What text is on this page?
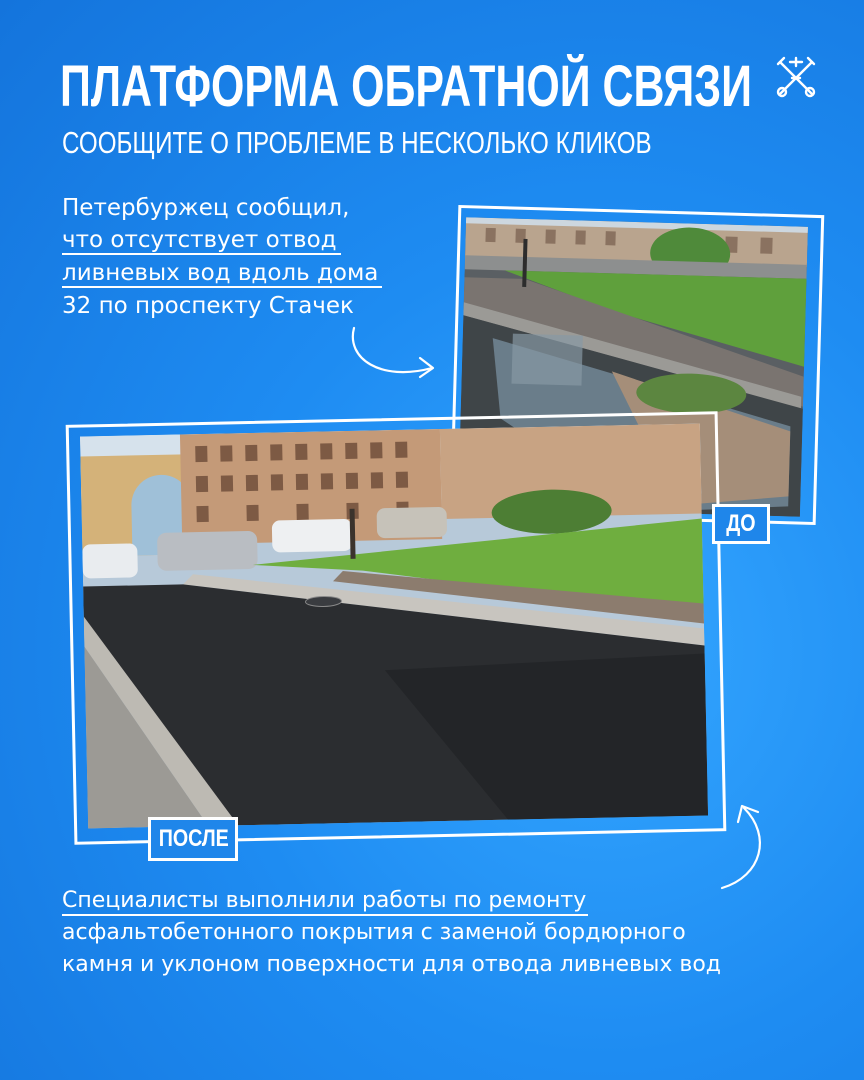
ПЛАТФОРМА ОБРАТНОЙ СВЯЗИ
СООБЩИТЕ О ПРОБЛЕМЕ В НЕСКОЛЬКО КЛИКОВ
Петербуржец сообщил,
что отсутствует отвод
ливневых вод вдоль дома
32 по проспекту Стачек
ДО
ПОСЛЕ
Специалисты выполнили работы по ремонту
асфальтобетонного покрытия с заменой бордюрного
камня и уклоном поверхности для отвода ливневых вод
